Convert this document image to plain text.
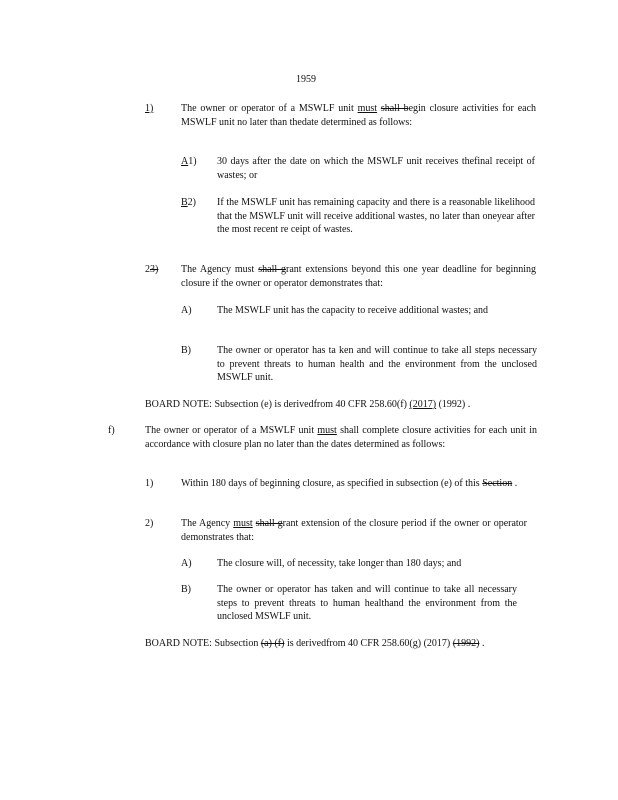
1959
1)	The owner or operator of a MSWLF unit must shall begin closure activities for each MSWLF unit no later than thedate determined as follows:
A1) 30 days after the date on which the MSWLF unit receives thefinal receipt of wastes; or
B2) If the MSWLF unit has remaining capacity and there is a reasonable likelihood that the MSWLF unit will receive additional wastes, no later than oneyear after the most recent re ceipt of wastes.
23) The Agency must shall grant extensions beyond this one year deadline for beginning closure if the owner or operator demonstrates that:
A)	The MSWLF unit has the capacity to receive additional wastes; and
B)	The owner or operator has ta ken and will continue to take all steps necessary to prevent threats to human health and the environment from the unclosed MSWLF unit.
BOARD NOTE: Subsection (e) is derivedfrom 40 CFR 258.60(f) (2017) (1992) .
f)	The owner or operator of a MSWLF unit must shall complete closure activities for each unit in accordance with closure plan no later than the dates determined as follows:
1)	Within 180 days of beginning closure, as specified in subsection (e) of this Section .
2)	The Agency must shall grant extension of the closure period if the owner or operator demonstrates that:
A)	The closure will, of necessity, take longer than 180 days; and
B)	The owner or operator has taken and will continue to take all necessary steps to prevent threats to human healthand the environment from the unclosed MSWLF unit.
BOARD NOTE: Subsection (a) (f) is derivedfrom 40 CFR 258.60(g) (2017) (1992) .
